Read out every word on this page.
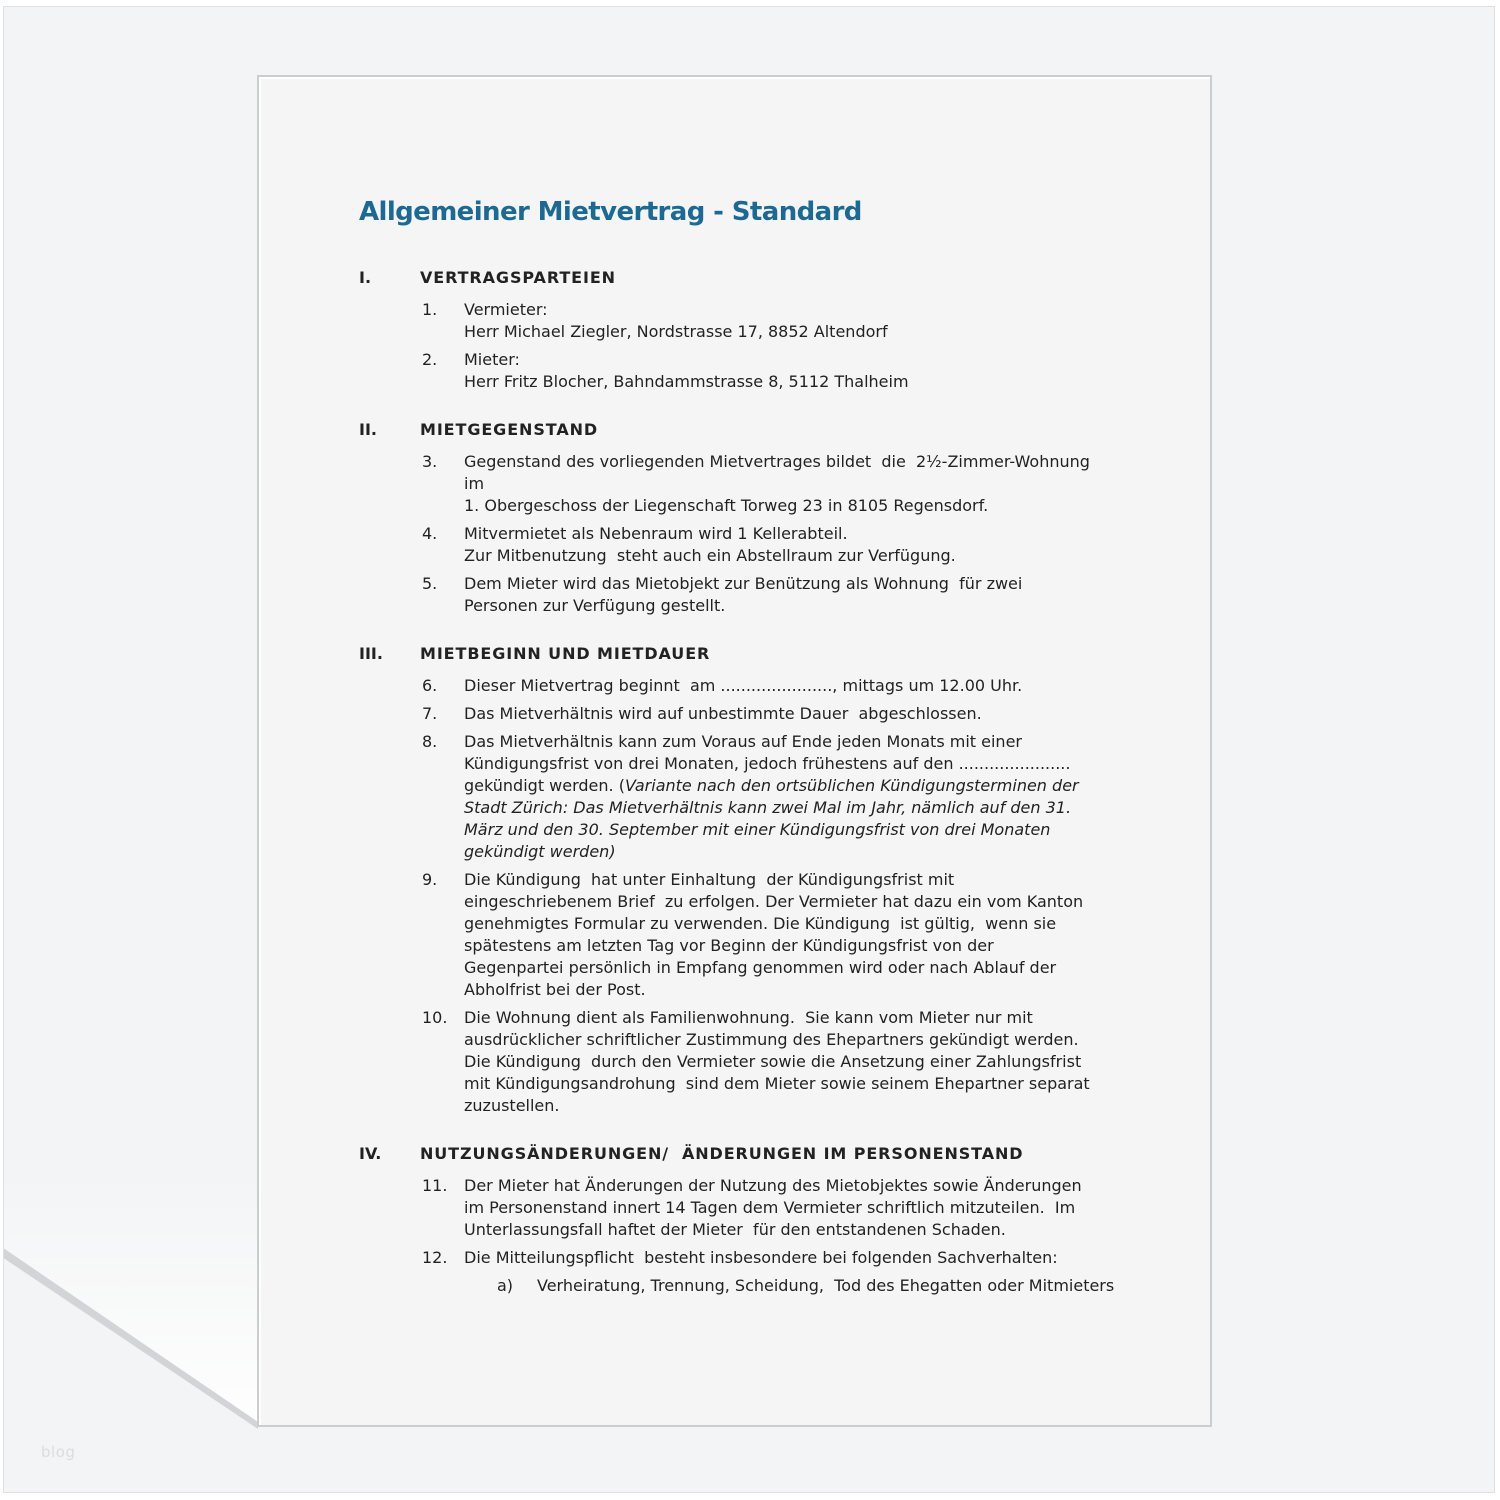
Allgemeiner Mietvertrag - Standard
I.	VERTRAGSPARTEIEN
1.	Vermieter:
Herr Michael Ziegler, Nordstrasse 17, 8852 Altendorf
2.	Mieter:
Herr Fritz Blocher, Bahndammstrasse 8, 5112 Thalheim
II.	MIETGEGENSTAND
3.	Gegenstand des vorliegenden Mietvertrages bildet  die  2½-Zimmer-Wohnung
im
1. Obergeschoss der Liegenschaft Torweg 23 in 8105 Regensdorf.
4.	Mitvermietet als Nebenraum wird 1 Kellerabteil.
Zur Mitbenutzung  steht auch ein Abstellraum zur Verfügung.
5.	Dem Mieter wird das Mietobjekt zur Benützung als Wohnung  für zwei
Personen zur Verfügung gestellt.
III.	MIETBEGINN UND MIETDAUER
6.	Dieser Mietvertrag beginnt  am ......................, mittags um 12.00 Uhr.
7.	Das Mietverhältnis wird auf unbestimmte Dauer  abgeschlossen.
8.	Das Mietverhältnis kann zum Voraus auf Ende jeden Monats mit einer
Kündigungsfrist von drei Monaten, jedoch frühestens auf den ......................
gekündigt werden. (Variante nach den ortsüblichen Kündigungsterminen der
Stadt Zürich: Das Mietverhältnis kann zwei Mal im Jahr, nämlich auf den 31.
März und den 30. September mit einer Kündigungsfrist von drei Monaten
gekündigt werden)
9.	Die Kündigung  hat unter Einhaltung  der Kündigungsfrist mit
eingeschriebenem Brief  zu erfolgen. Der Vermieter hat dazu ein vom Kanton
genehmigtes Formular zu verwenden. Die Kündigung  ist gültig,  wenn sie
spätestens am letzten Tag vor Beginn der Kündigungsfrist von der
Gegenpartei persönlich in Empfang genommen wird oder nach Ablauf der
Abholfrist bei der Post.
10.	Die Wohnung dient als Familienwohnung.  Sie kann vom Mieter nur mit
ausdrücklicher schriftlicher Zustimmung des Ehepartners gekündigt werden.
Die Kündigung  durch den Vermieter sowie die Ansetzung einer Zahlungsfrist
mit Kündigungsandrohung  sind dem Mieter sowie seinem Ehepartner separat
zuzustellen.
IV.	NUTZUNGSÄNDERUNGEN/  ÄNDERUNGEN IM PERSONENSTAND
11.	Der Mieter hat Änderungen der Nutzung des Mietobjektes sowie Änderungen
im Personenstand innert 14 Tagen dem Vermieter schriftlich mitzuteilen.  Im
Unterlassungsfall haftet der Mieter  für den entstandenen Schaden.
12.	Die Mitteilungspflicht  besteht insbesondere bei folgenden Sachverhalten:
a)	Verheiratung, Trennung, Scheidung,  Tod des Ehegatten oder Mitmieters
blog
